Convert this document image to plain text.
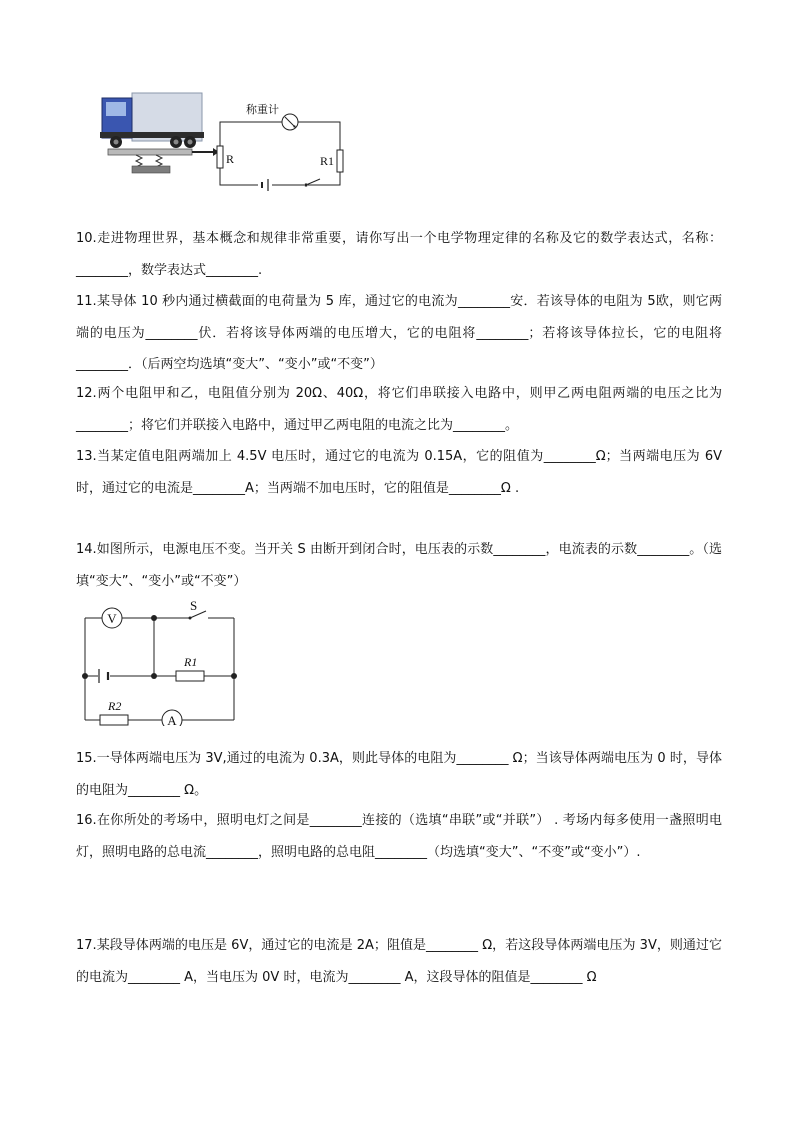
R
称重计
R1

10.走进物理世界，基本概念和规律非常重要，请你写出一个电学物理定律的名称及它的数学表达式，名称：________，数学表达式________.

11.某导体 10 秒内通过横截面的电荷量为 5 库，通过它的电流为________安．若该导体的电阻为 5欧，则它两端的电压为________伏．若将该导体两端的电压增大，它的电阻将________；若将该导体拉长，它的电阻将________．（后两空均选填“变大”、“变小”或“不变”）

12.两个电阻甲和乙，电阻值分别为 20Ω、40Ω，将它们串联接入电路中，则甲乙两电阻两端的电压之比为________；将它们并联接入电路中，通过甲乙两电阻的电流之比为________。

13.当某定值电阻两端加上 4.5V 电压时，通过它的电流为 0.15A，它的阻值为________Ω；当两端电压为 6V时，通过它的电流是________A；当两端不加电压时，它的阻值是________Ω .

14.如图所示，电源电压不变。当开关 S 由断开到闭合时，电压表的示数________，电流表的示数________。（选填“变大”、“变小”或“不变”）

V
S
R1
R2
A

15.一导体两端电压为 3V,通过的电流为 0.3A，则此导体的电阻为________ Ω；当该导体两端电压为 0 时，导体的电阻为________ Ω。

16.在你所处的考场中，照明电灯之间是________连接的（选填“串联”或“并联”） . 考场内每多使用一盏照明电灯，照明电路的总电流________，照明电路的总电阻________（均选填“变大”、“不变”或“变小”）.

17.某段导体两端的电压是 6V，通过它的电流是 2A；阻值是________ Ω，若这段导体两端电压为 3V，则通过它的电流为________ A，当电压为 0V 时，电流为________ A，这段导体的阻值是________ Ω
